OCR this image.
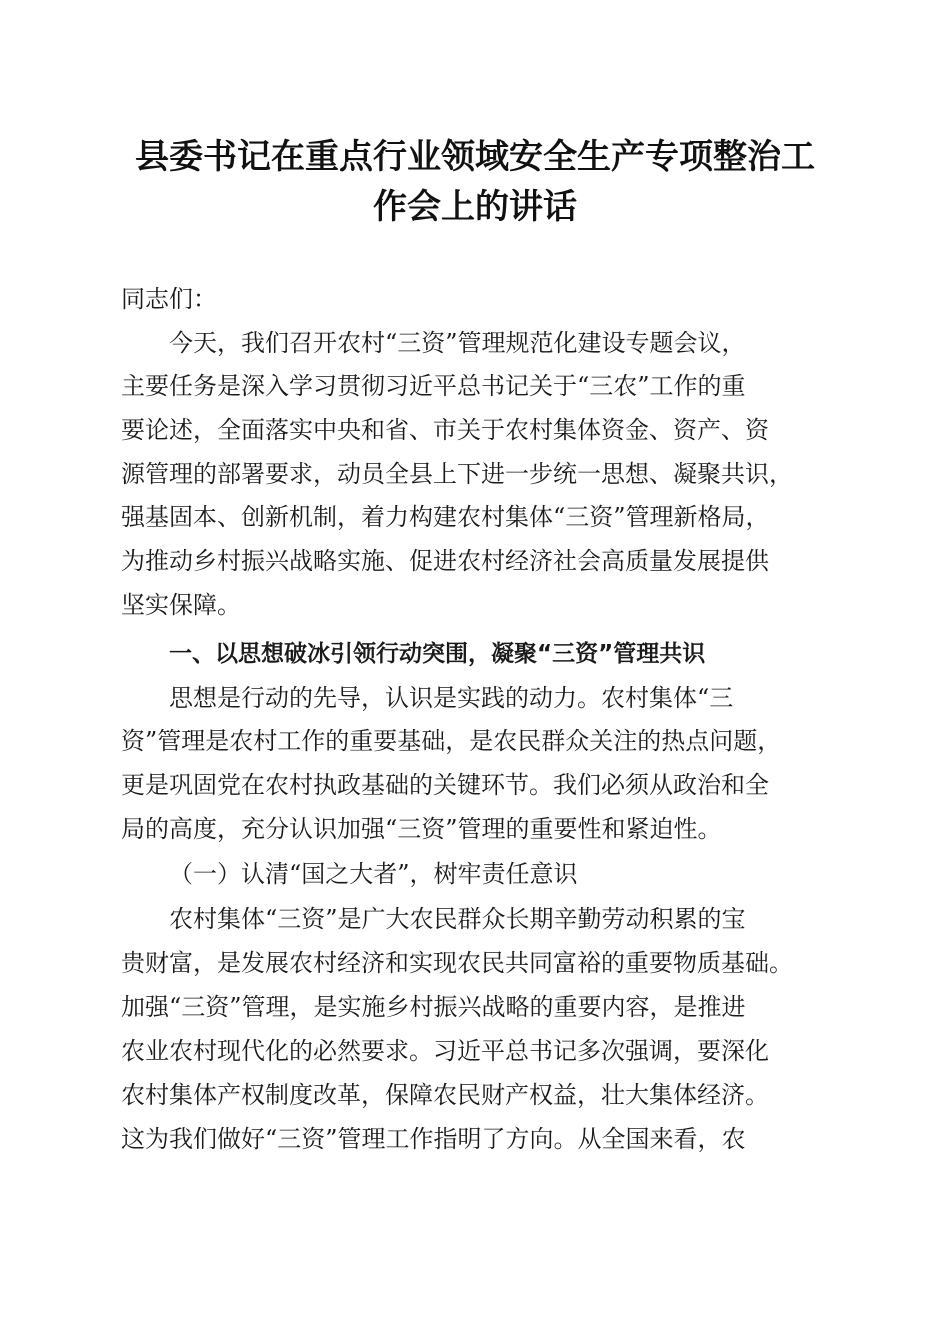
县委书记在重点行业领域安全生产专项整治工
作会上的讲话
同志们：
今天，我们召开农村“三资”管理规范化建设专题会议，
主要任务是深入学习贯彻习近平总书记关于“三农”工作的重
要论述，全面落实中央和省、市关于农村集体资金、资产、资
源管理的部署要求，动员全县上下进一步统一思想、凝聚共识，
强基固本、创新机制，着力构建农村集体“三资”管理新格局，
为推动乡村振兴战略实施、促进农村经济社会高质量发展提供
坚实保障。
一、以思想破冰引领行动突围，凝聚“三资”管理共识
思想是行动的先导，认识是实践的动力。农村集体“三
资”管理是农村工作的重要基础，是农民群众关注的热点问题，
更是巩固党在农村执政基础的关键环节。我们必须从政治和全
局的高度，充分认识加强“三资”管理的重要性和紧迫性。
（一）认清“国之大者”，树牢责任意识
农村集体“三资”是广大农民群众长期辛勤劳动积累的宝
贵财富，是发展农村经济和实现农民共同富裕的重要物质基础。
加强“三资”管理，是实施乡村振兴战略的重要内容，是推进
农业农村现代化的必然要求。习近平总书记多次强调，要深化
农村集体产权制度改革，保障农民财产权益，壮大集体经济。
这为我们做好“三资”管理工作指明了方向。从全国来看，农
